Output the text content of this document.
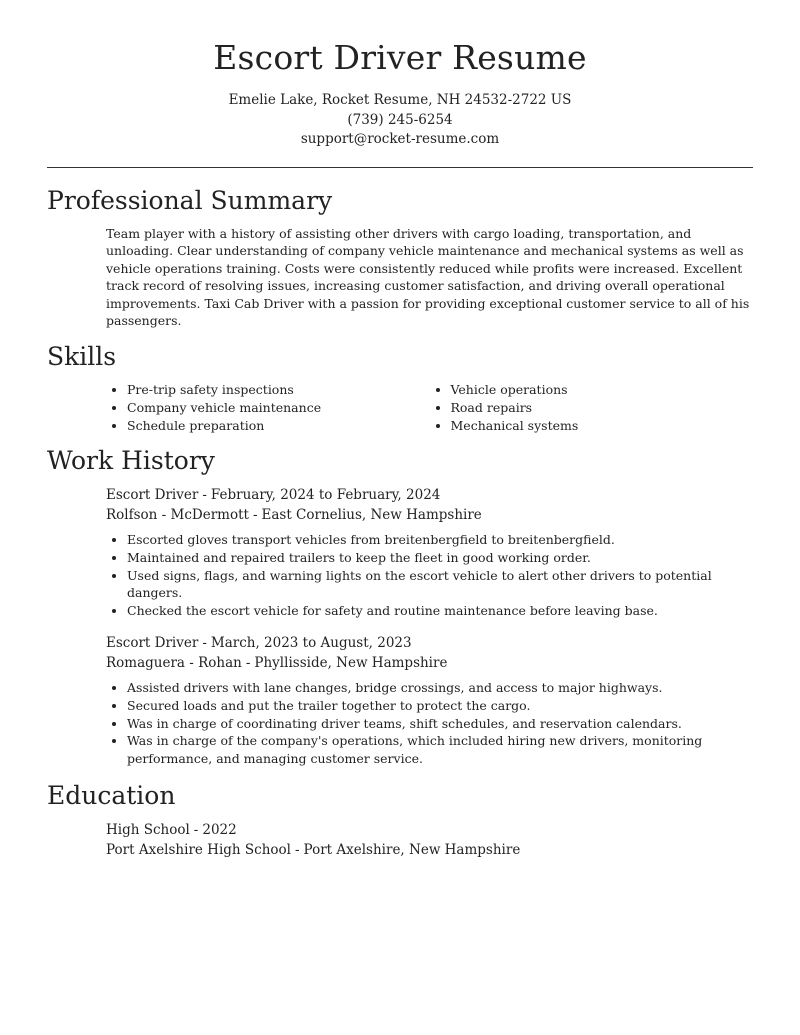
Escort Driver Resume
Emelie Lake, Rocket Resume, NH 24532-2722 US
(739) 245-6254
support@rocket-resume.com
Professional Summary

Team player with a history of assisting other drivers with cargo loading, transportation, and unloading. Clear understanding of company vehicle maintenance and mechanical systems as well as vehicle operations training. Costs were consistently reduced while profits were increased. Excellent track record of resolving issues, increasing customer satisfaction, and driving overall operational improvements. Taxi Cab Driver with a passion for providing exceptional customer service to all of his passengers.

Skills
• Pre-trip safety inspections
• Company vehicle maintenance
• Schedule preparation
• Vehicle operations
• Road repairs
• Mechanical systems
Work History
Escort Driver - February, 2024 to February, 2024
Rolfson - McDermott - East Cornelius, New Hampshire
• Escorted gloves transport vehicles from breitenbergfield to breitenbergfield.
• Maintained and repaired trailers to keep the fleet in good working order.
• Used signs, flags, and warning lights on the escort vehicle to alert other drivers to potential dangers.
• Checked the escort vehicle for safety and routine maintenance before leaving base.
Escort Driver - March, 2023 to August, 2023
Romaguera - Rohan - Phyllisside, New Hampshire
• Assisted drivers with lane changes, bridge crossings, and access to major highways.
• Secured loads and put the trailer together to protect the cargo.
• Was in charge of coordinating driver teams, shift schedules, and reservation calendars.
• Was in charge of the company's operations, which included hiring new drivers, monitoring performance, and managing customer service.
Education
High School - 2022
Port Axelshire High School - Port Axelshire, New Hampshire
